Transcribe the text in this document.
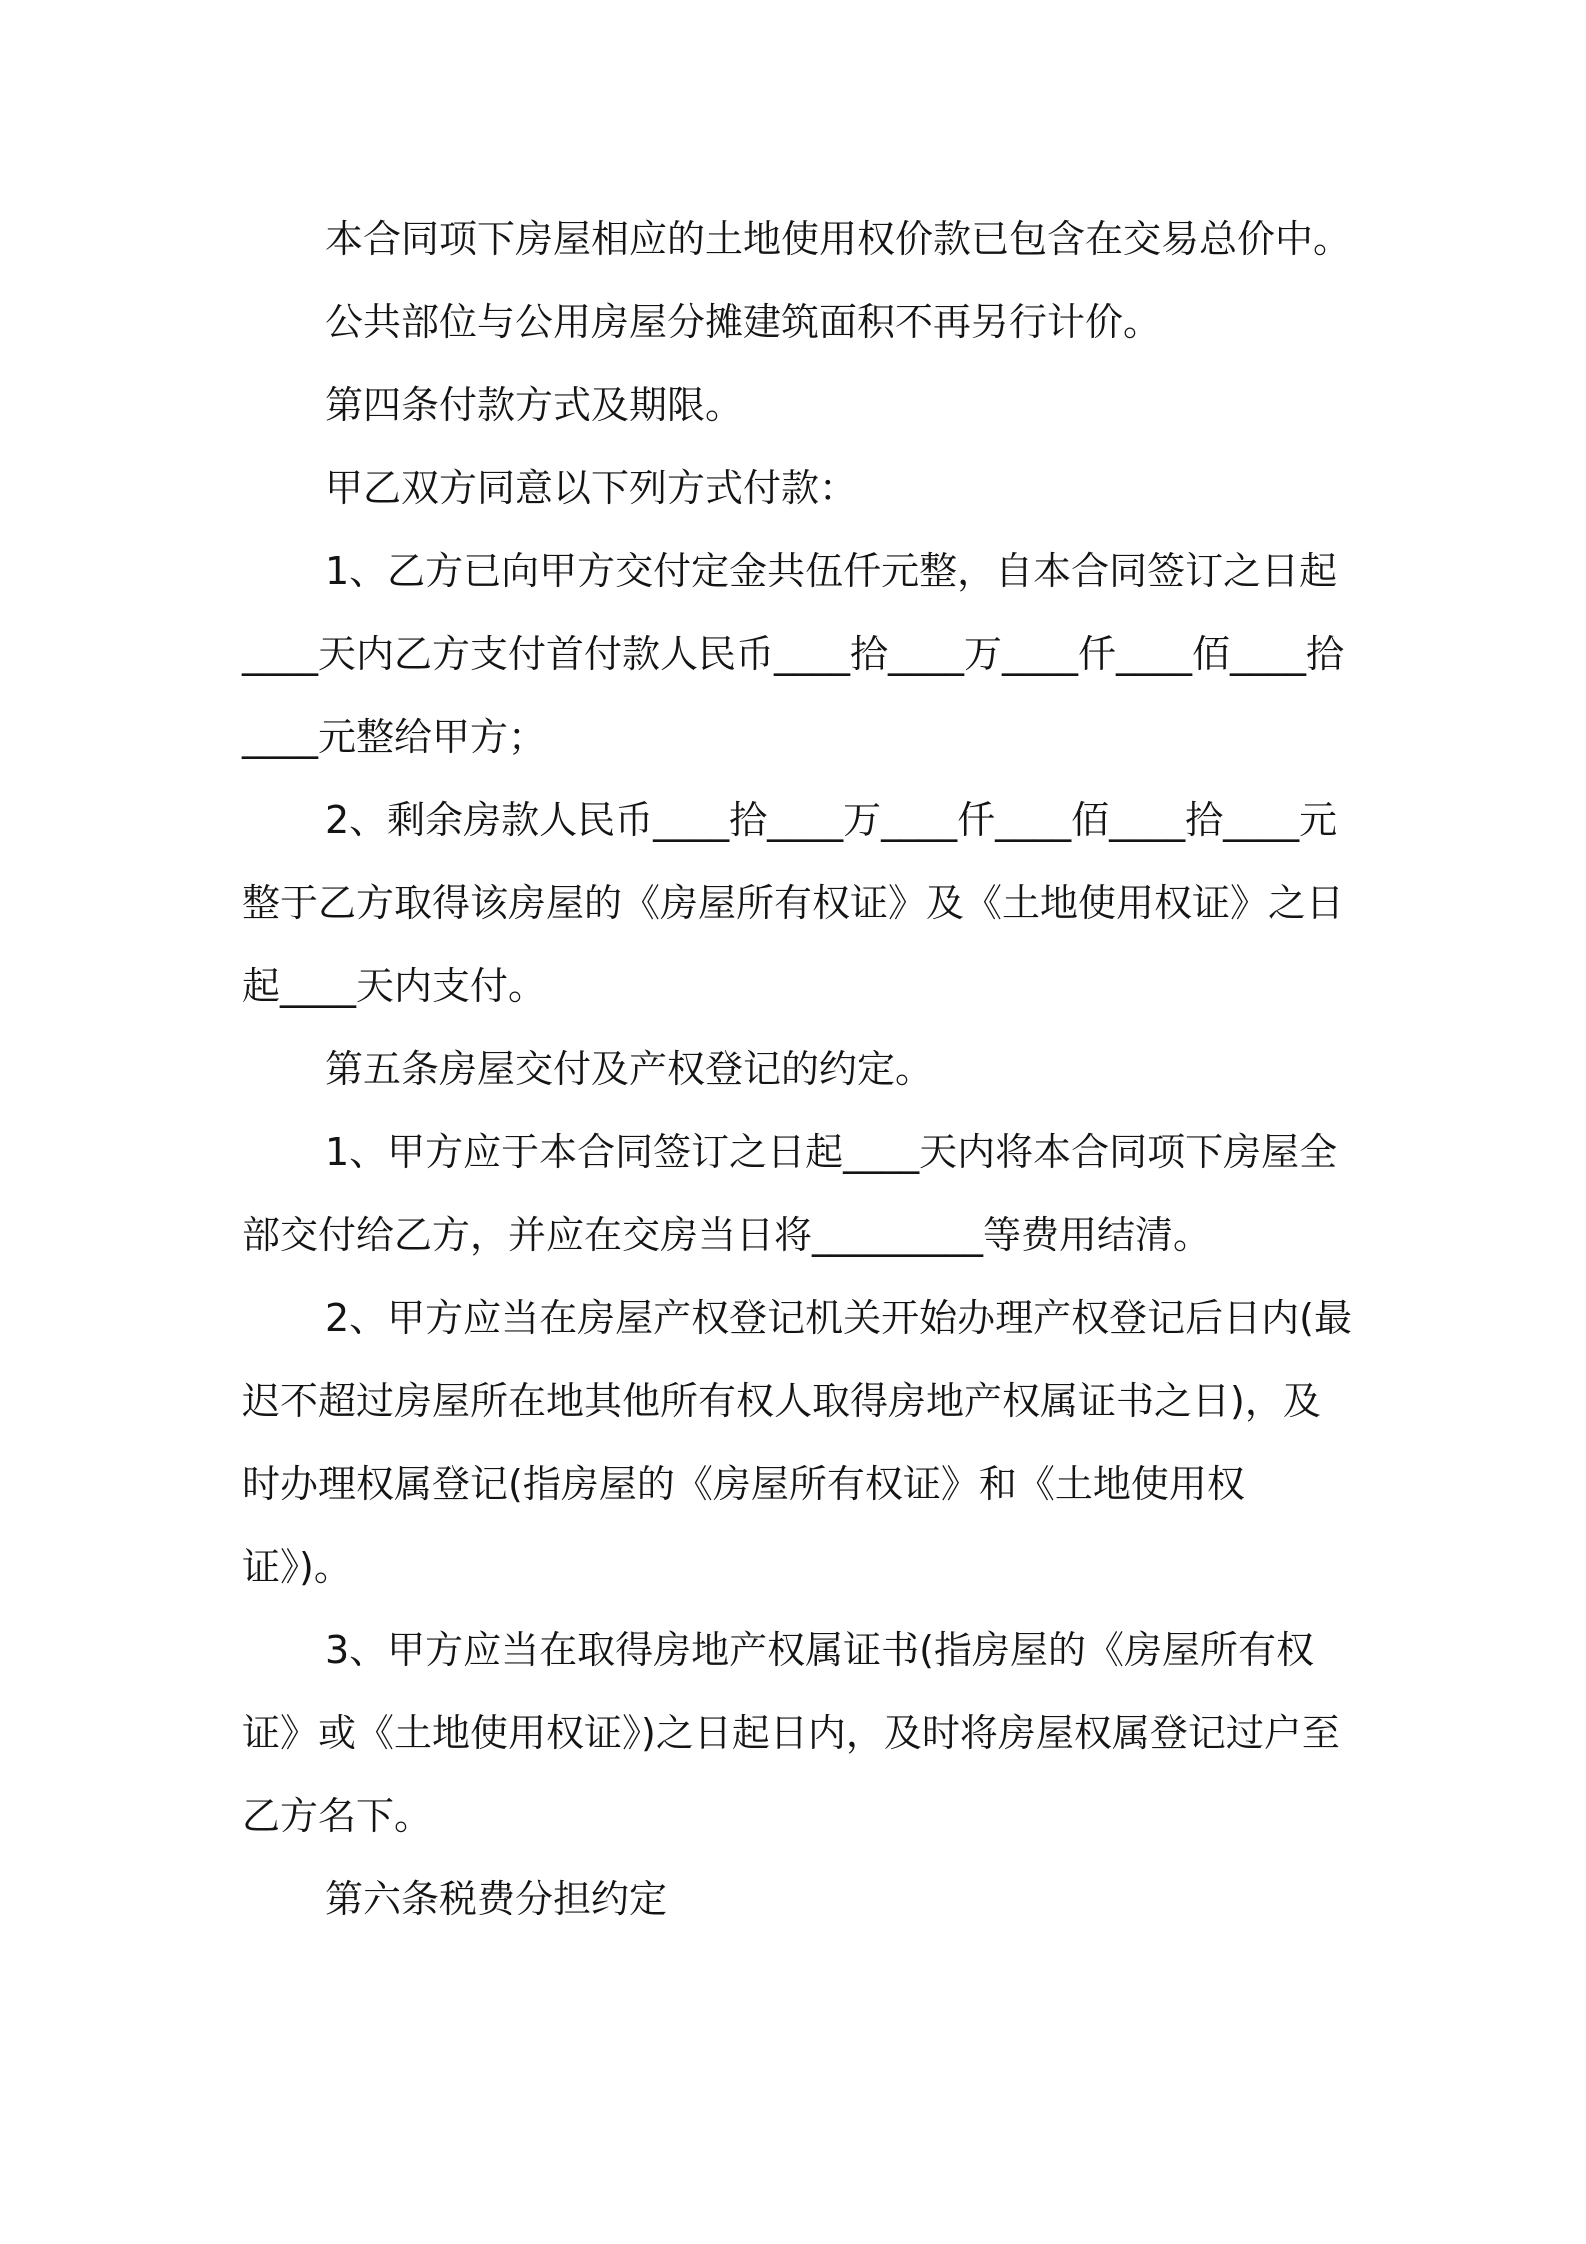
本合同项下房屋相应的土地使用权价款已包含在交易总价中。

公共部位与公用房屋分摊建筑面积不再另行计价。

第四条付款方式及期限。

甲乙双方同意以下列方式付款：

1、乙方已向甲方交付定金共伍仟元整，自本合同签订之日起____天内乙方支付首付款人民币____拾____万____仟____佰____拾____元整给甲方；

2、剩余房款人民币____拾____万____仟____佰____拾____元整于乙方取得该房屋的《房屋所有权证》及《土地使用权证》之日起____天内支付。

第五条房屋交付及产权登记的约定。

1、甲方应于本合同签订之日起____天内将本合同项下房屋全部交付给乙方，并应在交房当日将_________等费用结清。

2、甲方应当在房屋产权登记机关开始办理产权登记后日内(最迟不超过房屋所在地其他所有权人取得房地产权属证书之日)，及时办理权属登记(指房屋的《房屋所有权证》和《土地使用权证》)。

3、甲方应当在取得房地产权属证书(指房屋的《房屋所有权证》或《土地使用权证》)之日起日内，及时将房屋权属登记过户至乙方名下。

第六条税费分担约定
